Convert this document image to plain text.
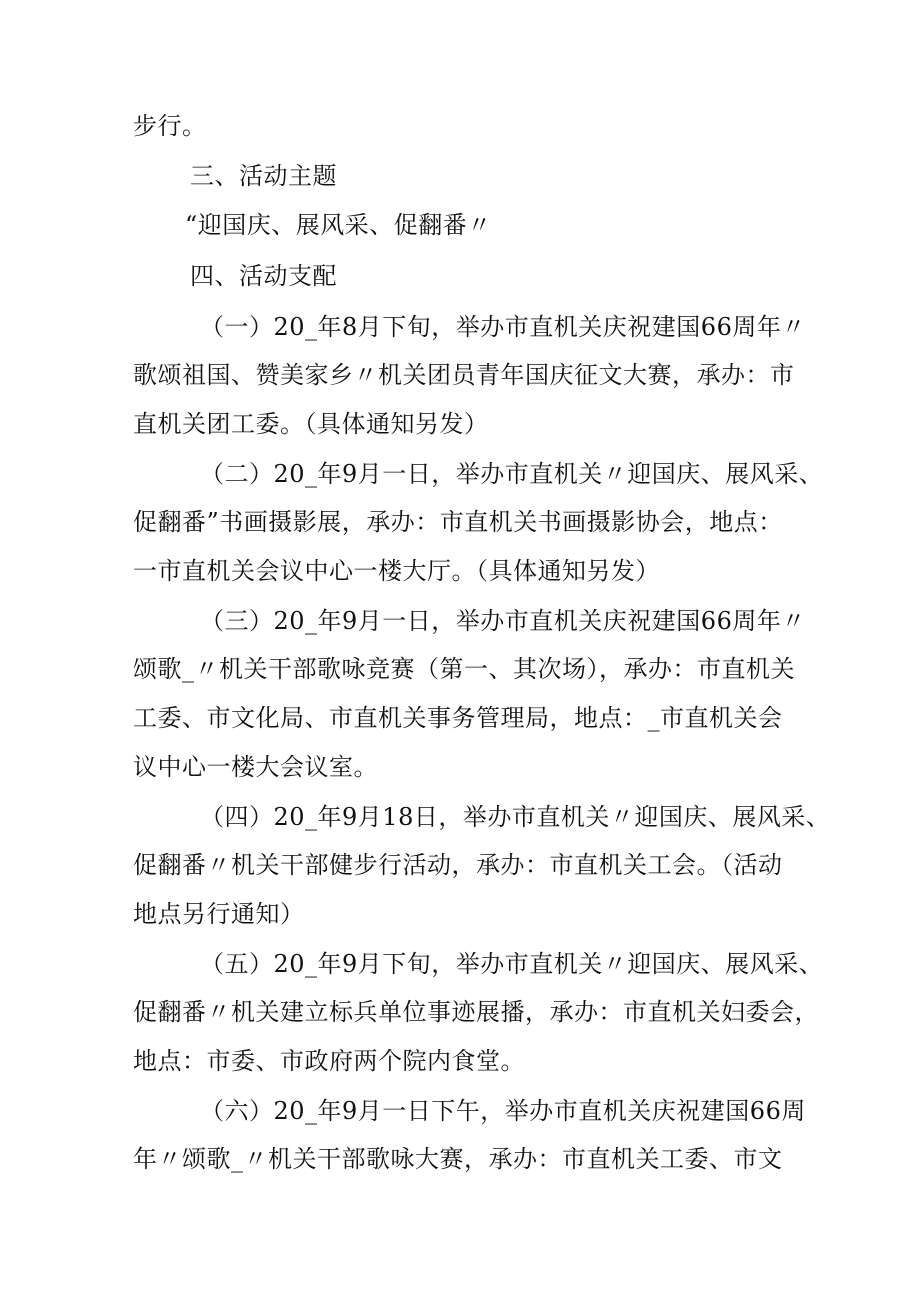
步行。
三、活动主题
“迎国庆、展风采、促翻番〃
四、活动支配
（一）20_年8月下旬，举办市直机关庆祝建国66周年〃
歌颂祖国、赞美家乡〃机关团员青年国庆征文大赛，承办：市
直机关团工委。（具体通知另发）
（二）20_年9月一日，举办市直机关〃迎国庆、展风采、
促翻番”书画摄影展，承办：市直机关书画摄影协会，地点：
一市直机关会议中心一楼大厅。（具体通知另发）
（三）20_年9月一日，举办市直机关庆祝建国66周年〃
颂歌_〃机关干部歌咏竞赛（第一、其次场），承办：市直机关
工委、市文化局、市直机关事务管理局，地点：_市直机关会
议中心一楼大会议室。
（四）20_年9月18日，举办市直机关〃迎国庆、展风采、
促翻番〃机关干部健步行活动，承办：市直机关工会。（活动
地点另行通知）
（五）20_年9月下旬，举办市直机关〃迎国庆、展风采、
促翻番〃机关建立标兵单位事迹展播，承办：市直机关妇委会，
地点：市委、市政府两个院内食堂。
（六）20_年9月一日下午，举办市直机关庆祝建国66周
年〃颂歌_〃机关干部歌咏大赛，承办：市直机关工委、市文
